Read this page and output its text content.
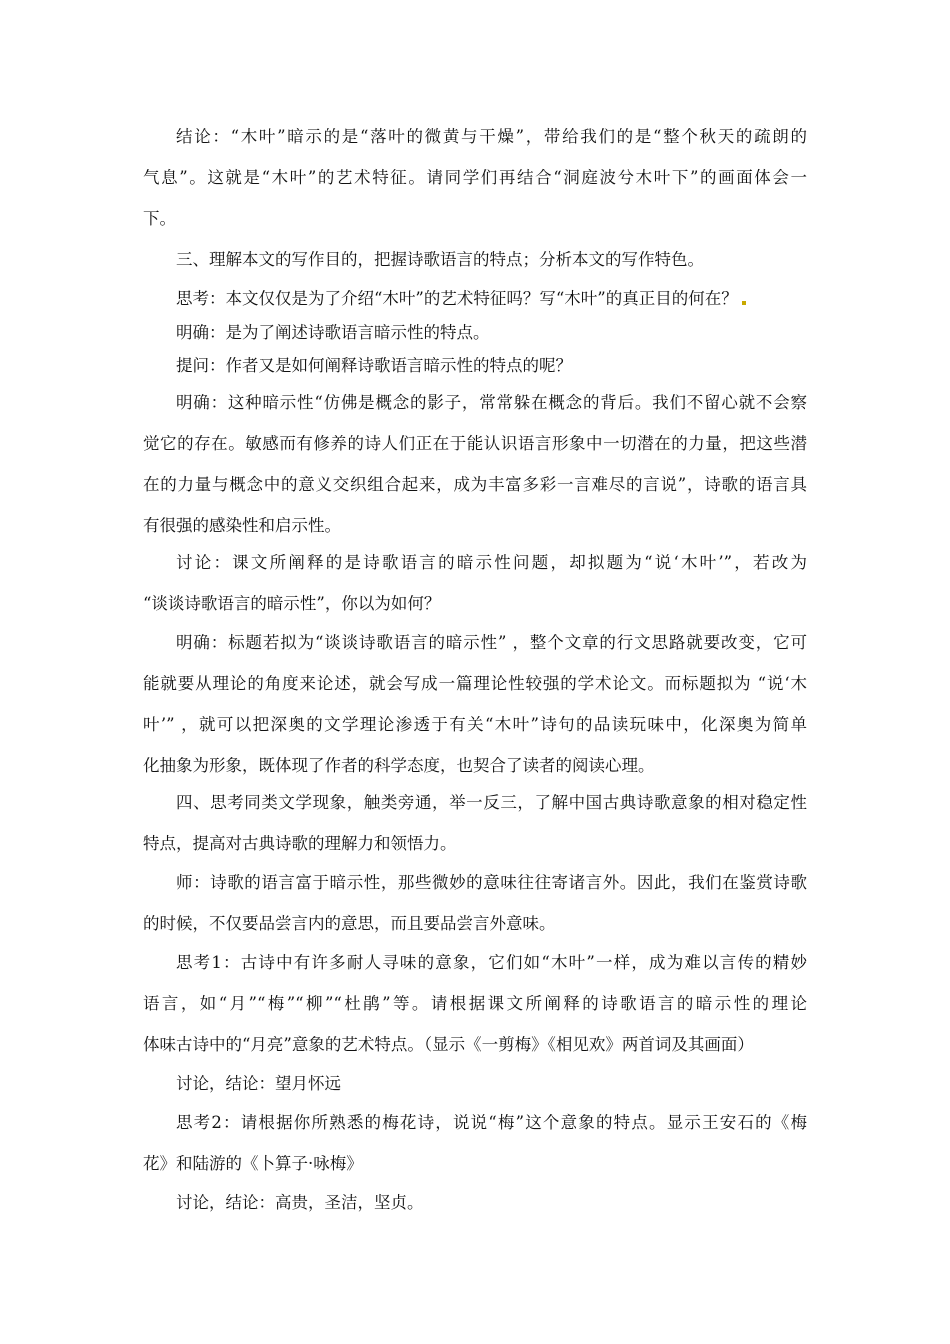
结论：“木叶”暗示的是“落叶的微黄与干燥”，带给我们的是“整个秋天的疏朗的
气息”。这就是“木叶”的艺术特征。请同学们再结合“洞庭波兮木叶下”的画面体会一
下。
三、理解本文的写作目的，把握诗歌语言的特点；分析本文的写作特色。
思考：本文仅仅是为了介绍“木叶”的艺术特征吗？写“木叶”的真正目的何在？
明确：是为了阐述诗歌语言暗示性的特点。
提问：作者又是如何阐释诗歌语言暗示性的特点的呢？
明确：这种暗示性“仿佛是概念的影子，常常躲在概念的背后。我们不留心就不会察
觉它的存在。敏感而有修养的诗人们正在于能认识语言形象中一切潜在的力量，把这些潜
在的力量与概念中的意义交织组合起来，成为丰富多彩一言难尽的言说”，诗歌的语言具
有很强的感染性和启示性。
讨论：课文所阐释的是诗歌语言的暗示性问题，却拟题为“说‘木叶’”，若改为
“谈谈诗歌语言的暗示性”，你以为如何？
明确：标题若拟为“谈谈诗歌语言的暗示性” ，整个文章的行文思路就要改变，它可
能就要从理论的角度来论述，就会写成一篇理论性较强的学术论文。而标题拟为 “说‘木
叶’” ，就可以把深奥的文学理论渗透于有关“木叶”诗句的品读玩味中，化深奥为简单
化抽象为形象，既体现了作者的科学态度，也契合了读者的阅读心理。
四、思考同类文学现象，触类旁通，举一反三，了解中国古典诗歌意象的相对稳定性
特点，提高对古典诗歌的理解力和领悟力。
师：诗歌的语言富于暗示性，那些微妙的意味往往寄诸言外。因此，我们在鉴赏诗歌
的时候，不仅要品尝言内的意思，而且要品尝言外意味。
思考1：古诗中有许多耐人寻味的意象，它们如“木叶”一样，成为难以言传的精妙
语言，如“月”“梅”“柳”“杜鹃”等。请根据课文所阐释的诗歌语言的暗示性的理论
体味古诗中的“月亮”意象的艺术特点。（显示《一剪梅》《相见欢》两首词及其画面）
讨论，结论：望月怀远
思考2：请根据你所熟悉的梅花诗，说说“梅”这个意象的特点。显示王安石的《梅
花》和陆游的《卜算子·咏梅》
讨论，结论：高贵，圣洁，坚贞。
